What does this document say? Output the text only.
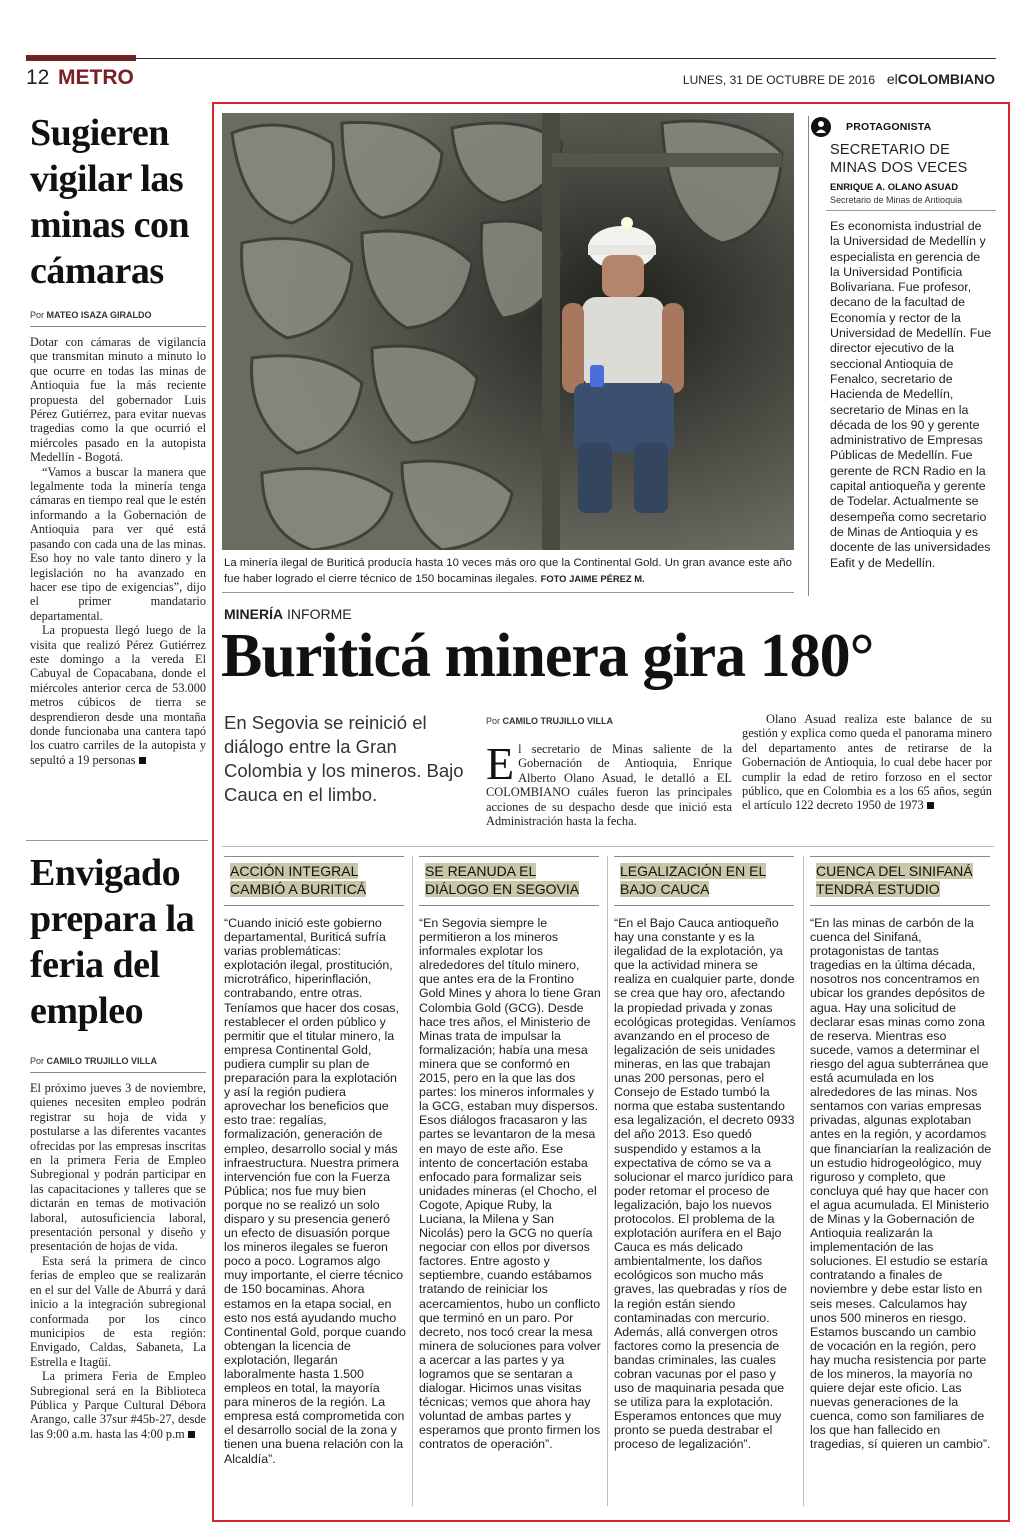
12 METRO	LUNES, 31 DE OCTUBRE DE 2016 elCOLOMBIANO
Sugieren vigilar las minas con cámaras
Por MATEO ISAZA GIRALDO

Dotar con cámaras de vigilancia que transmitan minuto a minuto lo que ocurre en todas las minas de Antioquia fue la más reciente propuesta del gobernador Luis Pérez Gutiérrez, para evitar nuevas tragedias como la que ocurrió el miércoles pasado en la autopista Medellín - Bogotá.

“Vamos a buscar la manera que legalmente toda la minería tenga cámaras en tiempo real que le estén informando a la Gobernación de Antioquia para ver qué está pasando con cada una de las minas. Eso hoy no vale tanto dinero y la legislación no ha avanzado en hacer ese tipo de exigencias”, dijo el primer mandatario departamental.

La propuesta llegó luego de la visita que realizó Pérez Gutiérrez este domingo a la vereda El Cabuyal de Copacabana, donde el miércoles anterior cerca de 53.000 metros cúbicos de tierra se desprendieron desde una montaña donde funcionaba una cantera tapó los cuatro carriles de la autopista y sepultó a 19 personas

Envigado prepara la feria del empleo
Por CAMILO TRUJILLO VILLA

El próximo jueves 3 de noviembre, quienes necesiten empleo podrán registrar su hoja de vida y postularse a las diferentes vacantes ofrecidas por las empresas inscritas en la primera Feria de Empleo Subregional y podrán participar en las capacitaciones y talleres que se dictarán en temas de motivación laboral, autosuficiencia laboral, presentación personal y diseño y presentación de hojas de vida.

Esta será la primera de cinco ferias de empleo que se realizarán en el sur del Valle de Aburrá y dará inicio a la integración subregional conformada por los cinco municipios de esta región: Envigado, Caldas, Sabaneta, La Estrella e Itagüí.

La primera Feria de Empleo Subregional será en la Biblioteca Pública y Parque Cultural Débora Arango, calle 37sur #45b-27, desde las 9:00 a.m. hasta las 4:00 p.m

La minería ilegal de Buriticá producía hasta 10 veces más oro que la Continental Gold. Un gran avance este año fue haber logrado el cierre técnico de 150 bocaminas ilegales. FOTO JAIME PÉREZ M.
PROTAGONISTA
SECRETARIO DE MINAS DOS VECES
ENRIQUE A. OLANO ASUAD
Secretario de Minas de Antioquia
Es economista industrial de la Universidad de Medellín y especialista en gerencia de la Universidad Pontificia Bolivariana. Fue profesor, decano de la facultad de Economía y rector de la Universidad de Medellín. Fue director ejecutivo de la seccional Antioquia de Fenalco, secretario de Hacienda de Medellín, secretario de Minas en la década de los 90 y gerente administrativo de Empresas Públicas de Medellín. Fue gerente de RCN Radio en la capital antioqueña y gerente de Todelar. Actualmente se desempeña como secretario de Minas de Antioquia y es docente de las universidades Eafit y de Medellín.
MINERÍA INFORME
Buriticá minera gira 180°
En Segovia se reinició el diálogo entre la Gran Colombia y los mineros. Bajo Cauca en el limbo.
Por CAMILO TRUJILLO VILLA
El secretario de Minas saliente de la Gobernación de Antioquia, Enrique Alberto Olano Asuad, le detalló a EL COLOMBIANO cuáles fueron las principales acciones de su despacho desde que inició esta Administración hasta la fecha.
Olano Asuad realiza este balance de su gestión y explica como queda el panorama minero del departamento antes de retirarse de la Gobernación de Antioquia, lo cual debe hacer por cumplir la edad de retiro forzoso en el sector público, que en Colombia es a los 65 años, según el artículo 122 decreto 1950 de 1973
ACCIÓN INTEGRAL CAMBIÓ A BURITICÁ
“Cuando inició este gobierno departamental, Buriticá sufría varias problemáticas: explotación ilegal, prostitución, microtráfico, hiperinflación, contrabando, entre otras. Teníamos que hacer dos cosas, restablecer el orden público y permitir que el titular minero, la empresa Continental Gold, pudiera cumplir su plan de preparación para la explotación y así la región pudiera aprovechar los beneficios que esto trae: regalías, formalización, generación de empleo, desarrollo social y más infraestructura. Nuestra primera intervención fue con la Fuerza Pública; nos fue muy bien porque no se realizó un solo disparo y su presencia generó un efecto de disuasión porque los mineros ilegales se fueron poco a poco. Logramos algo muy importante, el cierre técnico de 150 bocaminas. Ahora estamos en la etapa social, en esto nos está ayudando mucho Continental Gold, porque cuando obtengan la licencia de explotación, llegarán laboralmente hasta 1.500 empleos en total, la mayoría para mineros de la región. La empresa está comprometida con el desarrollo social de la zona y tienen una buena relación con la Alcaldía”.
SE REANUDA EL DIÁLOGO EN SEGOVIA
“En Segovia siempre le permitieron a los mineros informales explotar los alrededores del título minero, que antes era de la Frontino Gold Mines y ahora lo tiene Gran Colombia Gold (GCG). Desde hace tres años, el Ministerio de Minas trata de impulsar la formalización; había una mesa minera que se conformó en 2015, pero en la que las dos partes: los mineros informales y la GCG, estaban muy dispersos. Esos diálogos fracasaron y las partes se levantaron de la mesa en mayo de este año. Ese intento de concertación estaba enfocado para formalizar seis unidades mineras (el Chocho, el Cogote, Apique Ruby, la Luciana, la Milena y San Nicolás) pero la GCG no quería negociar con ellos por diversos factores. Entre agosto y septiembre, cuando estábamos tratando de reiniciar los acercamientos, hubo un conflicto que terminó en un paro. Por decreto, nos tocó crear la mesa minera de soluciones para volver a acercar a las partes y ya logramos que se sentaran a dialogar. Hicimos unas visitas técnicas; vemos que ahora hay voluntad de ambas partes y esperamos que pronto firmen los contratos de operación”.
LEGALIZACIÓN EN EL BAJO CAUCA
“En el Bajo Cauca antioqueño hay una constante y es la ilegalidad de la explotación, ya que la actividad minera se realiza en cualquier parte, donde se crea que hay oro, afectando la propiedad privada y zonas ecológicas protegidas. Veníamos avanzando en el proceso de legalización de seis unidades mineras, en las que trabajan unas 200 personas, pero el Consejo de Estado tumbó la norma que estaba sustentando esa legalización, el decreto 0933 del año 2013. Eso quedó suspendido y estamos a la expectativa de cómo se va a solucionar el marco jurídico para poder retomar el proceso de legalización, bajo los nuevos protocolos. El problema de la explotación aurífera en el Bajo Cauca es más delicado ambientalmente, los daños ecológicos son mucho más graves, las quebradas y ríos de la región están siendo contaminadas con mercurio. Además, allá convergen otros factores como la presencia de bandas criminales, las cuales cobran vacunas por el paso y uso de maquinaria pesada que se utiliza para la explotación. Esperamos entonces que muy pronto se pueda destrabar el proceso de legalización”.
CUENCA DEL SINIFANÁ TENDRÁ ESTUDIO
“En las minas de carbón de la cuenca del Sinifaná, protagonistas de tantas tragedias en la última década, nosotros nos concentramos en ubicar los grandes depósitos de agua. Hay una solicitud de declarar esas minas como zona de reserva. Mientras eso sucede, vamos a determinar el riesgo del agua subterránea que está acumulada en los alrededores de las minas. Nos sentamos con varias empresas privadas, algunas explotaban antes en la región, y acordamos que financiarían la realización de un estudio hidrogeológico, muy riguroso y completo, que concluya qué hay que hacer con el agua acumulada. El Ministerio de Minas y la Gobernación de Antioquia realizarán la implementación de las soluciones. El estudio se estaría contratando a finales de noviembre y debe estar listo en seis meses. Calculamos hay unos 500 mineros en riesgo. Estamos buscando un cambio de vocación en la región, pero hay mucha resistencia por parte de los mineros, la mayoría no quiere dejar este oficio. Las nuevas generaciones de la cuenca, como son familiares de los que han fallecido en tragedias, sí quieren un cambio”.
